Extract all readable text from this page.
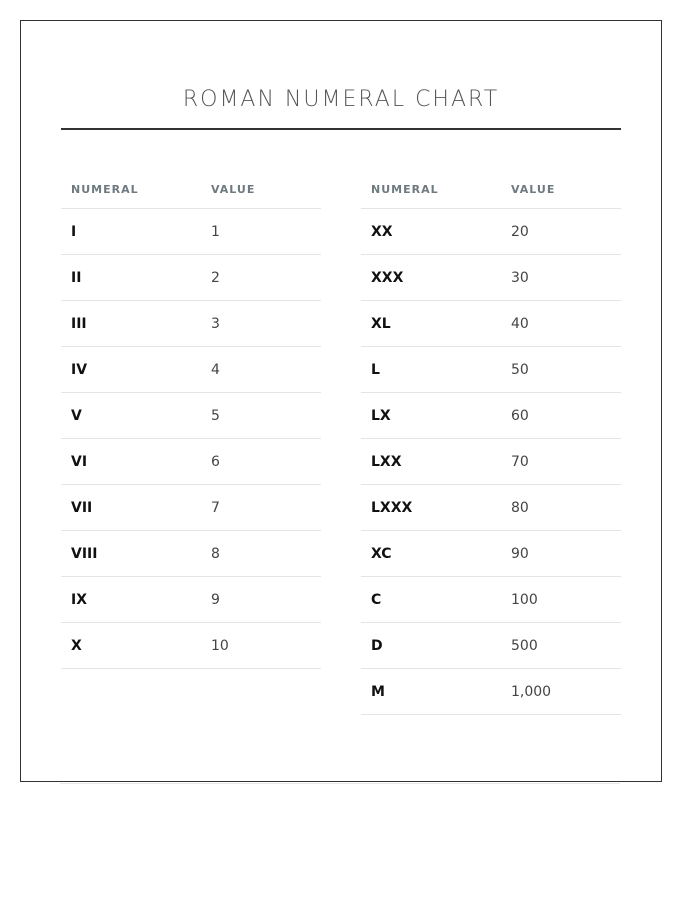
ROMAN NUMERAL CHART
NUMERAL	VALUE
I	1
II	2
III	3
IV	4
V	5
VI	6
VII	7
VIII	8
IX	9
X	10
NUMERAL	VALUE
XX	20
XXX	30
XL	40
L	50
LX	60
LXX	70
LXXX	80
XC	90
C	100
D	500
M	1,000
